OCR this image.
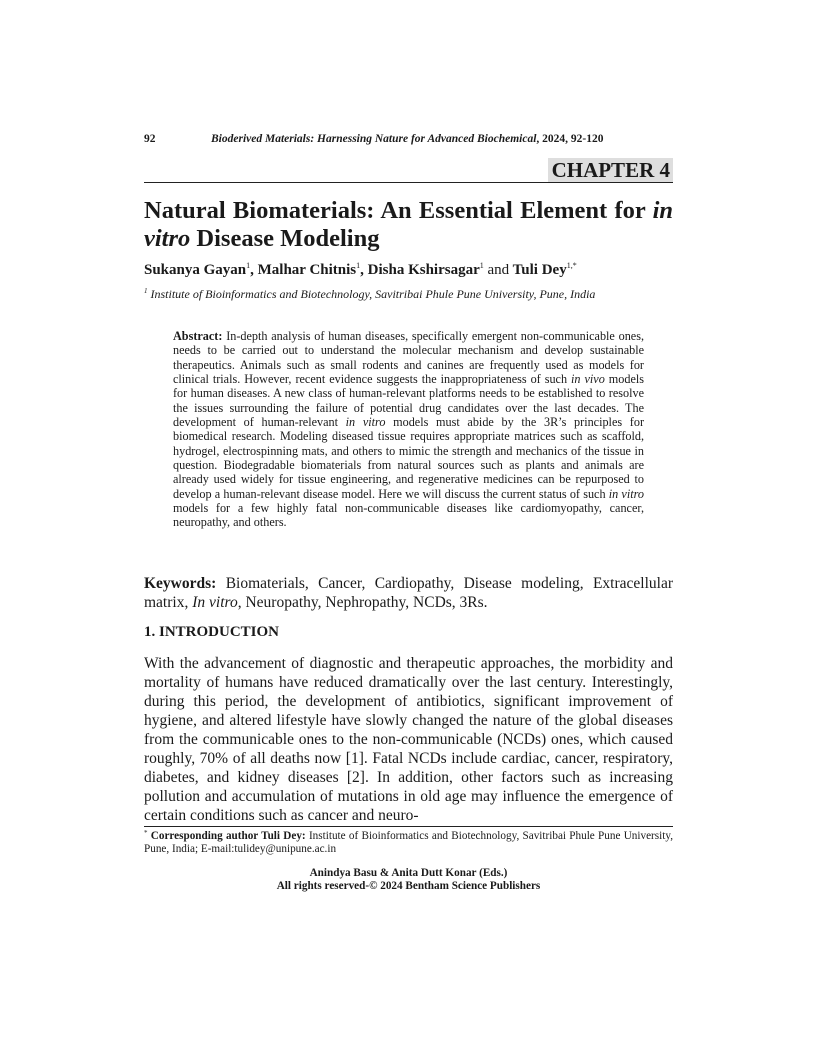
92	Bioderived Materials: Harnessing Nature for Advanced Biochemical, 2024, 92-120
CHAPTER 4
Natural Biomaterials: An Essential Element for in
vitro Disease Modeling
Sukanya Gayan$^1$, Malhar Chitnis$^1$, Disha Kshirsagar$^1$ and Tuli Dey$^{1,*}$
$^1$ Institute of Bioinformatics and Biotechnology, Savitribai Phule Pune University, Pune, India

Abstract: In-depth analysis of human diseases, specifically emergent non-communicable ones, needs to be carried out to understand the molecular mechanism and develop sustainable therapeutics. Animals such as small rodents and canines are frequently used as models for clinical trials. However, recent evidence suggests the inappropriateness of such in vivo models for human diseases. A new class of human-relevant platforms needs to be established to resolve the issues surrounding the failure of potential drug candidates over the last decades. The development of human-relevant in vitro models must abide by the 3R’s principles for biomedical research. Modeling diseased tissue requires appropriate matrices such as scaffold, hydrogel, electrospinning mats, and others to mimic the strength and mechanics of the tissue in question. Biodegradable biomaterials from natural sources such as plants and animals are already used widely for tissue engineering, and regenerative medicines can be repurposed to develop a human-relevant disease model. Here we will discuss the current status of such in vitro models for a few highly fatal non-communicable diseases like cardiomyopathy, cancer, neuropathy, and others.

Keywords: Biomaterials, Cancer, Cardiopathy, Disease modeling, Extracellular matrix, In vitro, Neuropathy, Nephropathy, NCDs, 3Rs.

1. INTRODUCTION

With the advancement of diagnostic and therapeutic approaches, the morbidity and mortality of humans have reduced dramatically over the last century. Interestingly, during this period, the development of antibiotics, significant improvement of hygiene, and altered lifestyle have slowly changed the nature of the global diseases from the communicable ones to the non-communicable (NCDs) ones, which caused roughly, 70% of all deaths now [1]. Fatal NCDs include cardiac, cancer, respiratory, diabetes, and kidney diseases [2]. In addition, other factors such as increasing pollution and accumulation of mutations in old age may influence the emergence of certain conditions such as cancer and neuro-

* Corresponding author Tuli Dey: Institute of Bioinformatics and Biotechnology, Savitribai Phule Pune University, Pune, India; E-mail:tulidey@unipune.ac.in

Anindya Basu & Anita Dutt Konar (Eds.)
All rights reserved-© 2024 Bentham Science Publishers
